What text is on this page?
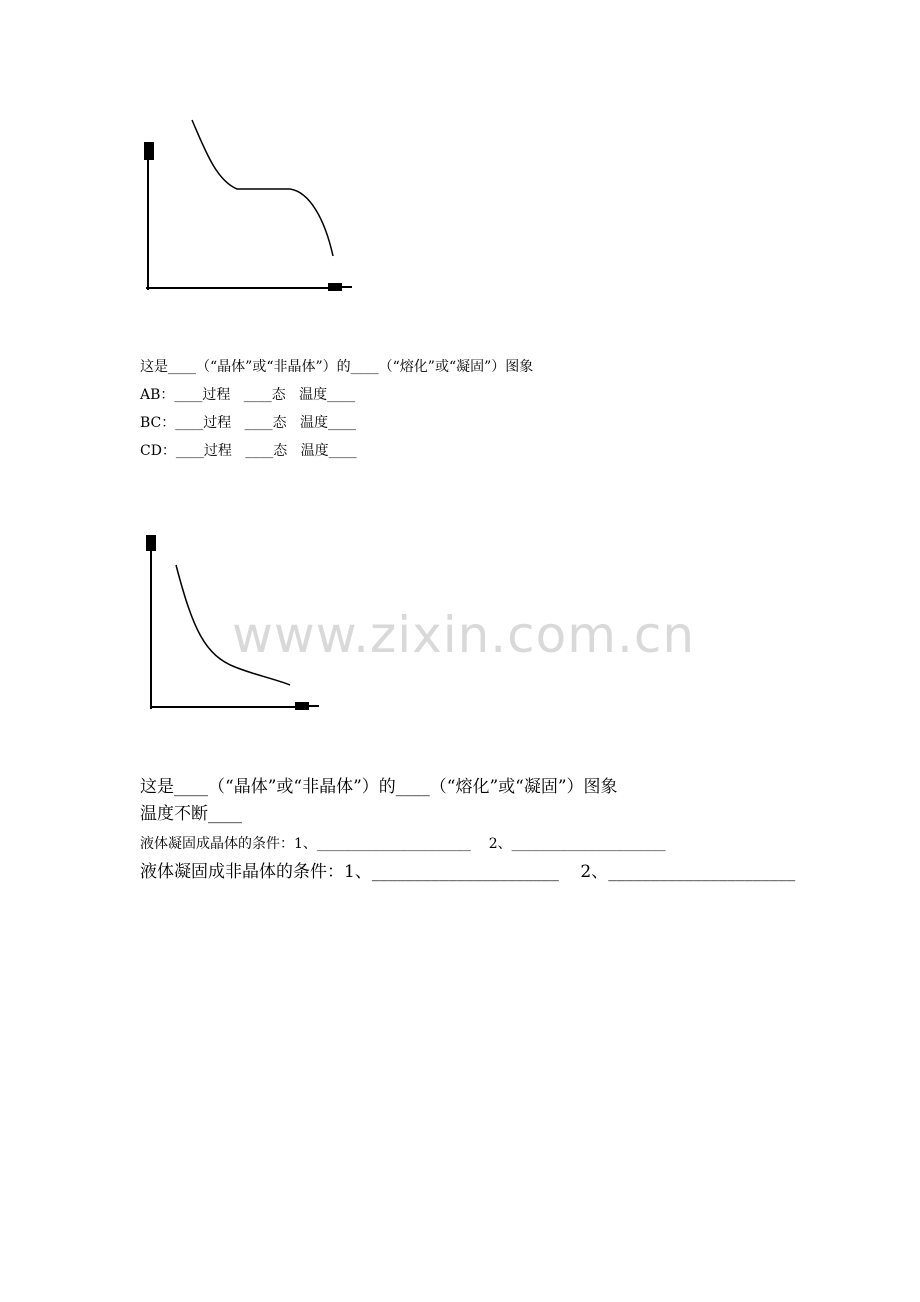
这是____（“晶体”或“非晶体”）的____（“熔化”或“凝固”）图象
AB：____过程   ____态   温度____
BC：____过程   ____态   温度____
CD：____过程   ____态   温度____
www.zixin.com.cn
这是____（“晶体”或“非晶体”）的____（“熔化”或“凝固”）图象
温度不断____
液体凝固成晶体的条件：1、______________________    2、______________________
液体凝固成非晶体的条件：1、______________________    2、______________________
